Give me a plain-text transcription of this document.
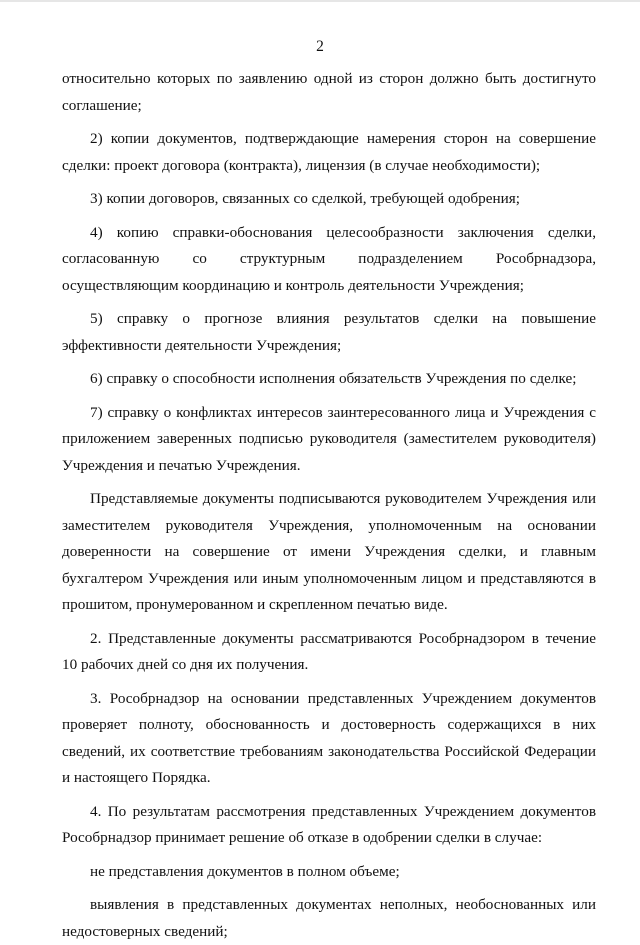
2

относительно которых по заявлению одной из сторон должно быть достигнуто соглашение;

2) копии документов, подтверждающие намерения сторон на совершение сделки: проект договора (контракта), лицензия (в случае необходимости);

3) копии договоров, связанных со сделкой, требующей одобрения;

4) копию справки-обоснования целесообразности заключения сделки, согласованную со структурным подразделением Рособрнадзора, осуществляющим координацию и контроль деятельности Учреждения;

5) справку о прогнозе влияния результатов сделки на повышение эффективности деятельности Учреждения;

6) справку о способности исполнения обязательств Учреждения по сделке;

7) справку о конфликтах интересов заинтересованного лица и Учреждения с приложением заверенных подписью руководителя (заместителем руководителя) Учреждения и печатью Учреждения.

Представляемые документы подписываются руководителем Учреждения или заместителем руководителя Учреждения, уполномоченным на основании доверенности на совершение от имени Учреждения сделки, и главным бухгалтером Учреждения или иным уполномоченным лицом и представляются в прошитом, пронумерованном и скрепленном печатью виде.

2. Представленные документы рассматриваются Рособрнадзором в течение 10 рабочих дней со дня их получения.

3. Рособрнадзор на основании представленных Учреждением документов проверяет полноту, обоснованность и достоверность содержащихся в них сведений, их соответствие требованиям законодательства Российской Федерации и настоящего Порядка.

4. По результатам рассмотрения представленных Учреждением документов Рособрнадзор принимает решение об отказе в одобрении сделки в случае:

не представления документов в полном объеме;

выявления в представленных документах неполных, необоснованных или недостоверных сведений;
